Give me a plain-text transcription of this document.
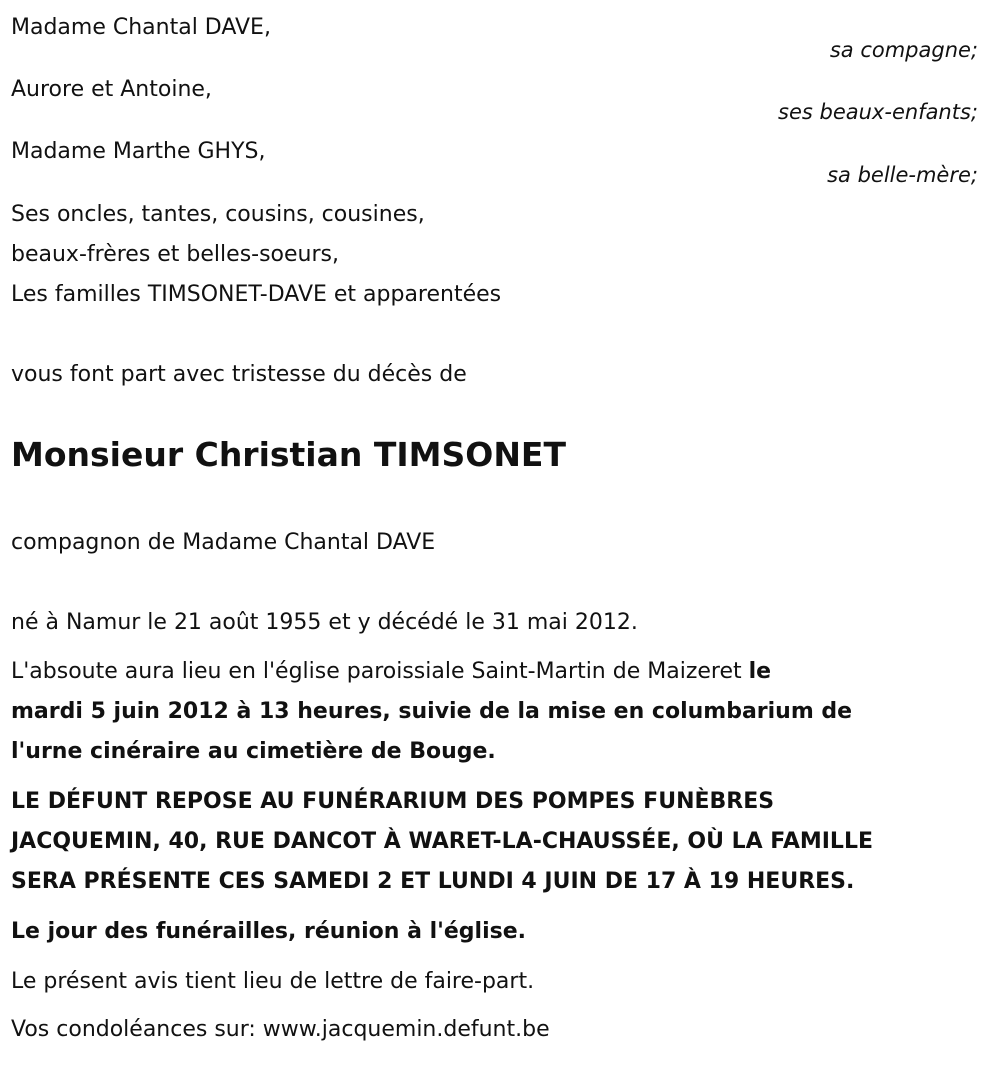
Madame Chantal DAVE,
sa compagne;
Aurore et Antoine,
ses beaux-enfants;
Madame Marthe GHYS,
sa belle-mère;
Ses oncles, tantes, cousins, cousines,
beaux-frères et belles-soeurs,
Les familles TIMSONET-DAVE et apparentées
vous font part avec tristesse du décès de
Monsieur Christian TIMSONET
compagnon de Madame Chantal DAVE
né à Namur le 21 août 1955 et y décédé le 31 mai 2012.
L'absoute aura lieu en l'église paroissiale Saint-Martin de Maizeret le
mardi 5 juin 2012 à 13 heures, suivie de la mise en columbarium de
l'urne cinéraire au cimetière de Bouge.
LE DÉFUNT REPOSE AU FUNÉRARIUM DES POMPES FUNÈBRES
JACQUEMIN, 40, RUE DANCOT À WARET-LA-CHAUSSÉE, OÙ LA FAMILLE
SERA PRÉSENTE CES SAMEDI 2 ET LUNDI 4 JUIN DE 17 À 19 HEURES.
Le jour des funérailles, réunion à l'église.
Le présent avis tient lieu de lettre de faire-part.
Vos condoléances sur: www.jacquemin.defunt.be
